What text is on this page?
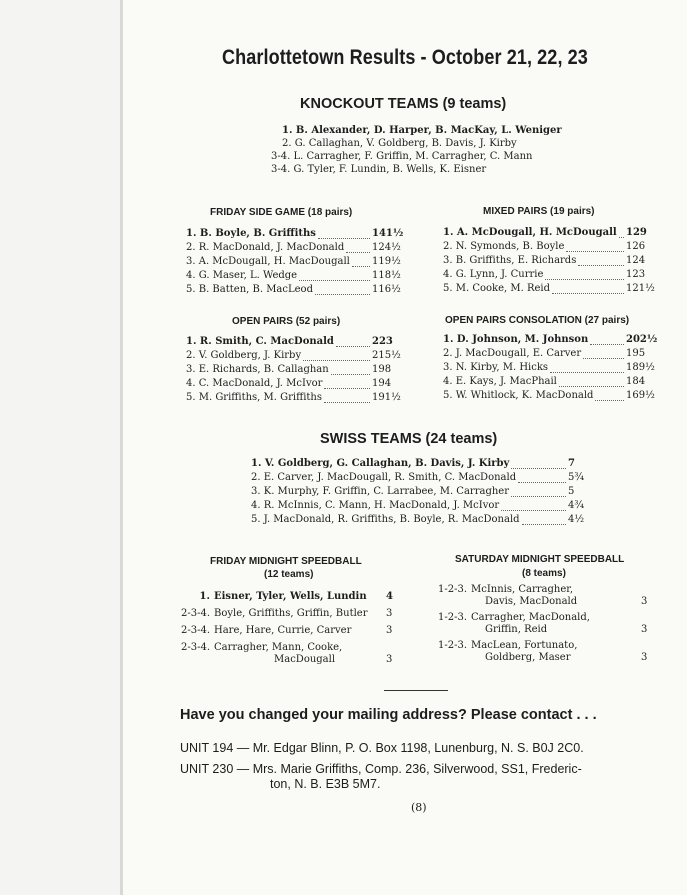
Charlottetown Results - October 21, 22, 23
KNOCKOUT TEAMS (9 teams)
1. B. Alexander, D. Harper, B. MacKay, L. Weniger
2. G. Callaghan, V. Goldberg, B. Davis, J. Kirby
3-4. L. Carragher, F. Griffin, M. Carragher, C. Mann
3-4. G. Tyler, F. Lundin, B. Wells, K. Eisner
FRIDAY SIDE GAME (18 pairs)
1. B. Boyle, B. Griffiths	141½
2. R. MacDonald, J. MacDonald	124½
3. A. McDougall, H. MacDougall 119½
4. G. Maser, L. Wedge	118½
5. B. Batten, B. MacLeod	116½
MIXED PAIRS (19 pairs)
1. A. McDougall, H. McDougall 129
2. N. Symonds, B. Boyle	126
3. B. Griffiths, E. Richards	124
4. G. Lynn, J. Currie	123
5. M. Cooke, M. Reid	121½
OPEN PAIRS (52 pairs)
1. R. Smith, C. MacDonald	223
2. V. Goldberg, J. Kirby	215½
3. E. Richards, B. Callaghan	198
4. C. MacDonald, J. McIvor	194
5. M. Griffiths, M. Griffiths	191½
OPEN PAIRS CONSOLATION (27 pairs)
1. D. Johnson, M. Johnson	202½
2. J. MacDougall, E. Carver	195
3. N. Kirby, M. Hicks	189½
4. E. Kays, J. MacPhail	184
5. W. Whitlock, K. MacDonald	169½
SWISS TEAMS (24 teams)
1. V. Goldberg, G. Callaghan, B. Davis, J. Kirby	7
2. E. Carver, J. MacDougall, R. Smith, C. MacDonald	5¾
3. K. Murphy, F. Griffin, C. Larrabee, M. Carragher	5
4. R. McInnis, C. Mann, H. MacDonald, J. McIvor	4¾
5. J. MacDonald, R. Griffiths, B. Boyle, R. MacDonald	4½
FRIDAY MIDNIGHT SPEEDBALL
(12 teams)
1. Eisner, Tyler, Wells, Lundin 4
2-3-4. Boyle, Griffiths, Griffin, Butler 3
2-3-4. Hare, Hare, Currie, Carver	3
2-3-4. Carragher, Mann, Cooke,
MacDougall	3
SATURDAY MIDNIGHT SPEEDBALL
(8 teams)
1-2-3. McInnis, Carragher,
Davis, MacDonald	3
1-2-3. Carragher, MacDonald,
Griffin, Reid	3
1-2-3. MacLean, Fortunato,
Goldberg, Maser	3
Have you changed your mailing address? Please contact . . .
UNIT 194 — Mr. Edgar Blinn, P. O. Box 1198, Lunenburg, N. S. B0J 2C0.
UNIT 230 — Mrs. Marie Griffiths, Comp. 236, Silverwood, SS1, Frederic-
ton, N. B. E3B 5M7.
(8)
